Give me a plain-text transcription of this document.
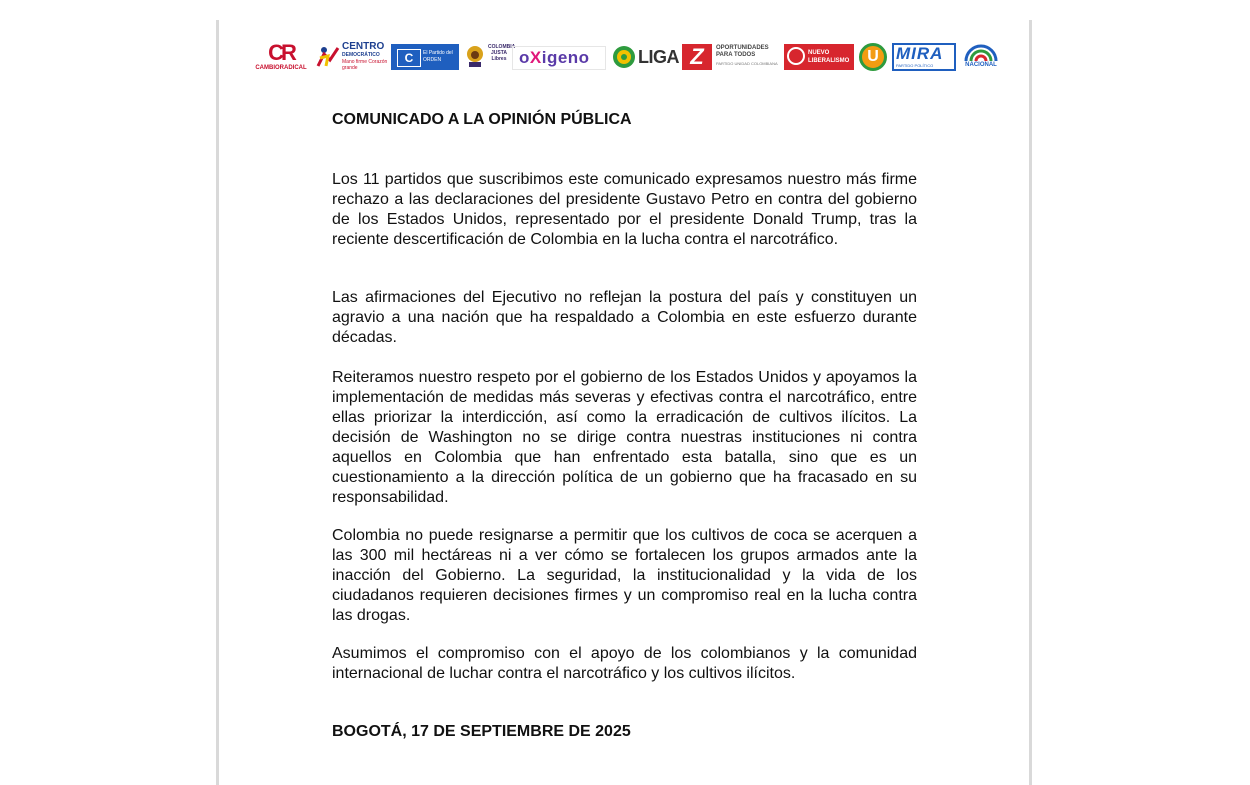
CR
CAMBIORADICAL
CENTRO
DEMOCRÁTICO
Mano firme Corazón grande
C	El Partido del ORDEN
COLOMBIA JUSTA Libres oXigeno	LIGA Z	OPORTUNIDADES PARA TODOS
PARTIDO UNIDAD COLOMBIANA
NUEVO LIBERALISMO	U	MIRA
PARTIDO POLÍTICO	NACIONAL
COMUNICADO A LA OPINIÓN PÚBLICA

Los 11 partidos que suscribimos este comunicado expresamos nuestro más firme rechazo a las declaraciones del presidente Gustavo Petro en contra del gobierno de los Estados Unidos, representado por el presidente Donald Trump, tras la reciente descertificación de Colombia en la lucha contra el narcotráfico.

Las afirmaciones del Ejecutivo no reflejan la postura del país y constituyen un agravio a una nación que ha respaldado a Colombia en este esfuerzo durante décadas.

Reiteramos nuestro respeto por el gobierno de los Estados Unidos y apoyamos la implementación de medidas más severas y efectivas contra el narcotráfico, entre ellas priorizar la interdicción, así como la erradicación de cultivos ilícitos. La decisión de Washington no se dirige contra nuestras instituciones ni contra aquellos en Colombia que han enfrentado esta batalla, sino que es un cuestionamiento a la dirección política de un gobierno que ha fracasado en su responsabilidad.

Colombia no puede resignarse a permitir que los cultivos de coca se acerquen a las 300 mil hectáreas ni a ver cómo se fortalecen los grupos armados ante la inacción del Gobierno. La seguridad, la institucionalidad y la vida de los ciudadanos requieren decisiones firmes y un compromiso real en la lucha contra las drogas.

Asumimos el compromiso con el apoyo de los colombianos y la comunidad internacional de luchar contra el narcotráfico y los cultivos ilícitos.

BOGOTÁ, 17 DE SEPTIEMBRE DE 2025
